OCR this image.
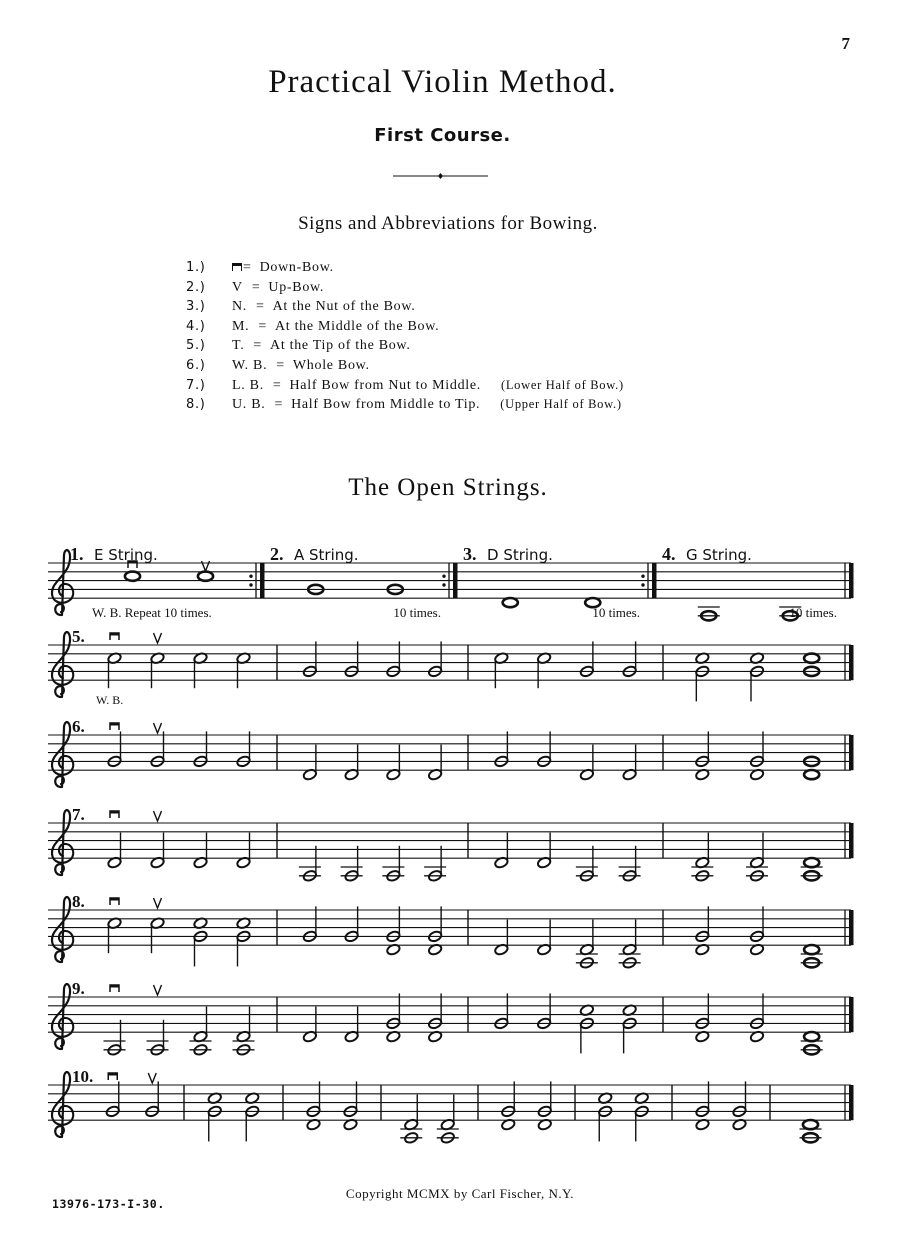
7
Practical Violin Method.
First Course.
Signs and Abbreviations for Bowing.
1.)	= Down-Bow.
2.)	V = Up-Bow.
3.)	N. = At the Nut of the Bow.
4.)	M. = At the Middle of the Bow.
5.)	T. = At the Tip of the Bow.
6.)	W. B. = Whole Bow.
7.)	L. B. = Half Bow from Nut to Middle. (Lower Half of Bow.)
8.)	U. B. = Half Bow from Middle to Tip. (Upper Half of Bow.)
The Open Strings.
1. E String.
W. B. Repeat 10 times.
2. A String.
10 times.
3. D String.
10 times.
4. G String.
10 times.
5.
W. B.
6.
7.
8.
9.
10.
13976-173-I-30.
Copyright MCMX by Carl Fischer, N.Y.
